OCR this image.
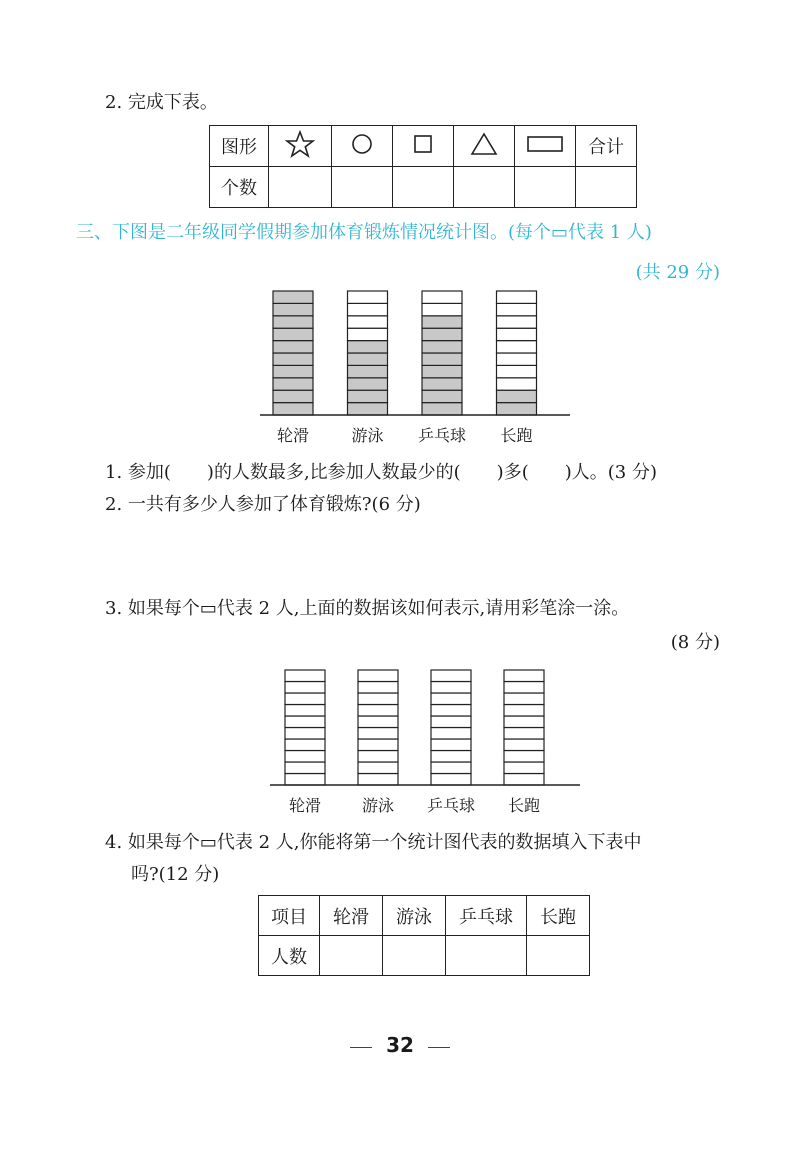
2. 完成下表。
图形						合计
个数						
三、下图是二年级同学假期参加体育锻炼情况统计图。(每个▭代表 1 人)
(共 29 分)
轮滑	游泳 乒乓球 长跑
1. 参加(　　)的人数最多,比参加人数最少的(　　)多(　　)人。(3 分)
2. 一共有多少人参加了体育锻炼?(6 分)
3. 如果每个▭代表 2 人,上面的数据该如何表示,请用彩笔涂一涂。
(8 分)
轮滑	游泳 乒乓球 长跑
4. 如果每个▭代表 2 人,你能将第一个统计图代表的数据填入下表中
吗?(12 分)
项目	轮滑	游泳	乒乓球	长跑
人数				
32
